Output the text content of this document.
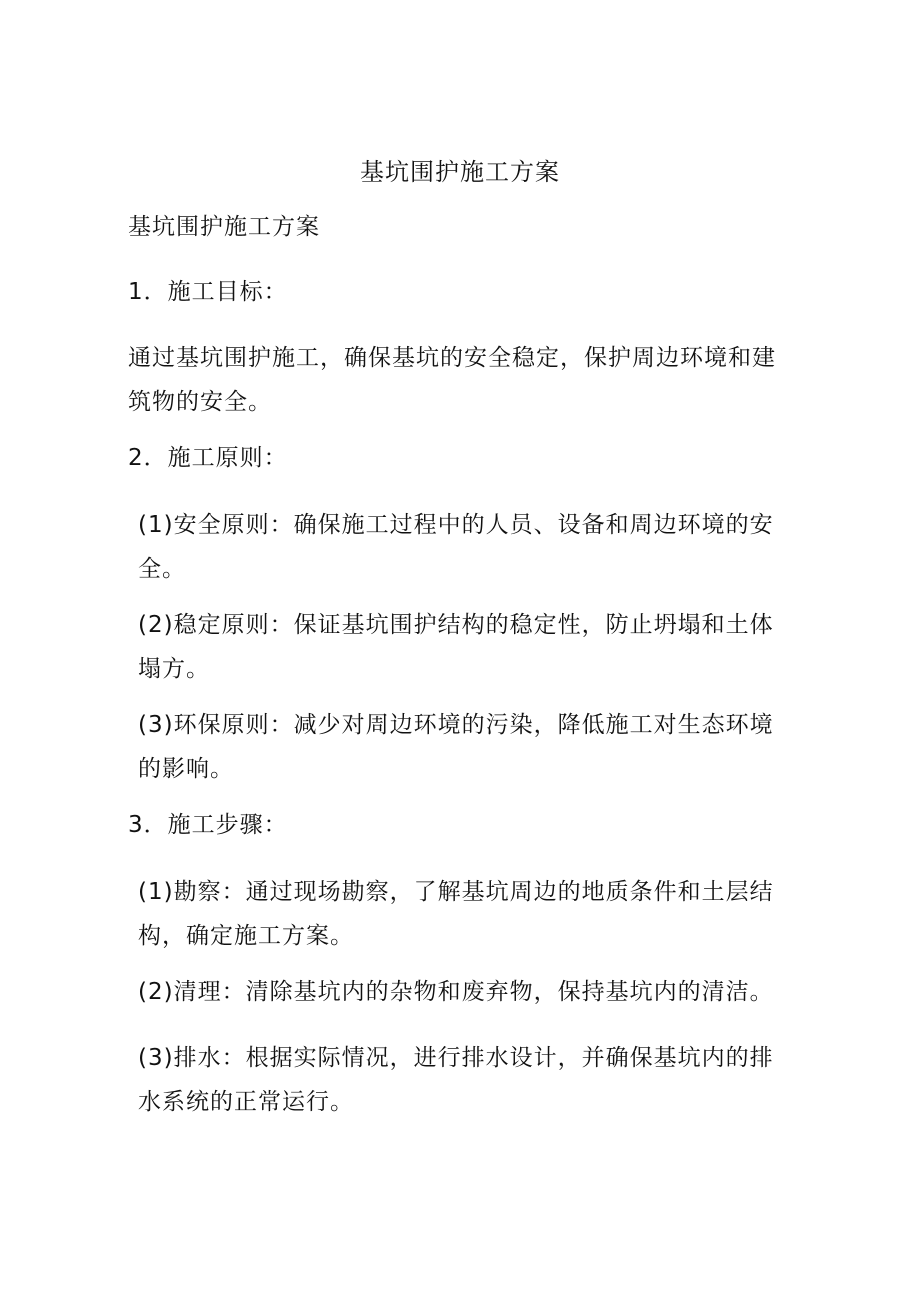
基坑围护施工方案

基坑围护施工方案

1．施工目标：

通过基坑围护施工，确保基坑的安全稳定，保护周边环境和建筑物的安全。

2．施工原则：

(1)安全原则：确保施工过程中的人员、设备和周边环境的安全。

(2)稳定原则：保证基坑围护结构的稳定性，防止坍塌和土体塌方。

(3)环保原则：减少对周边环境的污染，降低施工对生态环境的影响。

3．施工步骤：

(1)勘察：通过现场勘察，了解基坑周边的地质条件和土层结构，确定施工方案。

(2)清理：清除基坑内的杂物和废弃物，保持基坑内的清洁。

(3)排水：根据实际情况，进行排水设计，并确保基坑内的排水系统的正常运行。
